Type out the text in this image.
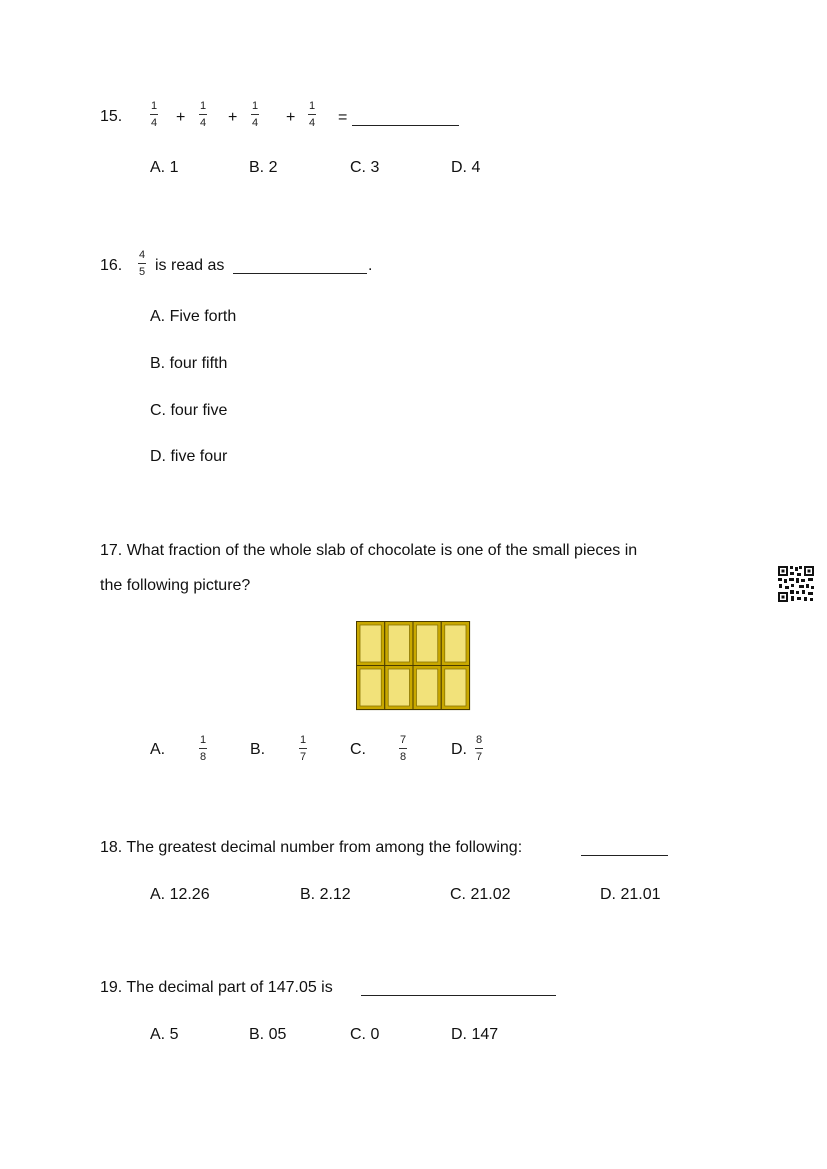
15.	$\frac{1}{4} + \frac{1}{4} + \frac{1}{4} + \frac{1}{4}$ =
A. 1	B. 2	C. 3	D. 4
16. $\frac{4}{5}$ is read as	.
A. Five forth
B. four fifth
C. four five
D. five four
17. What fraction of the whole slab of chocolate is one of the small pieces in
the following picture?
A.	$\frac{1}{8}$	B.	$\frac{1}{7}$	C.	$\frac{7}{8}$	D. $\frac{8}{7}$
18. The greatest decimal number from among the following:
A. 12.26	B. 2.12	C. 21.02	D. 21.01
19. The decimal part of 147.05 is
A. 5	B. 05	C. 0	D. 147
